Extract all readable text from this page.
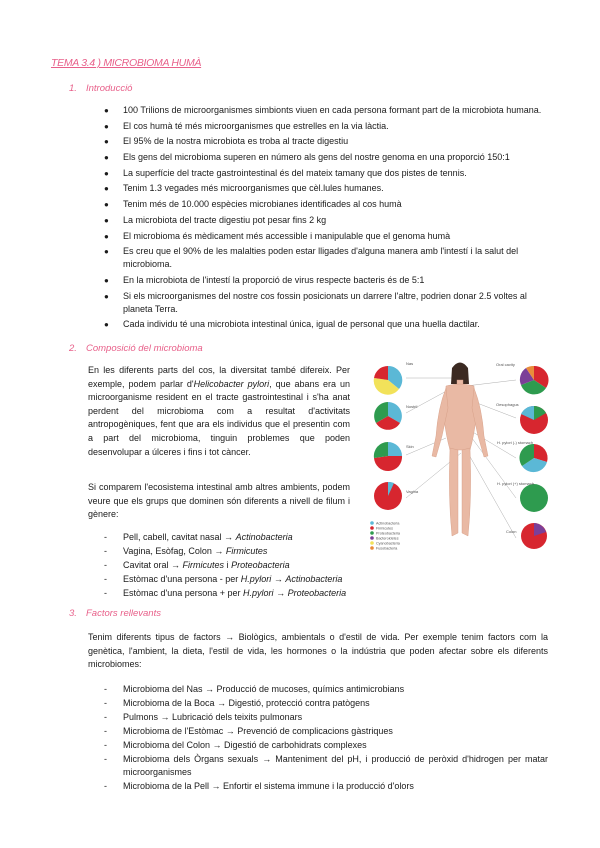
TEMA 3.4 ) MICROBIOMA HUMÀ
1. Introducció
● 100 Trilions de microorganismes simbionts viuen en cada persona formant part de la microbiota humana.
● El cos humà té més microorganismes que estrelles en la via làctia.
● El 95% de la nostra microbiota es troba al tracte digestiu
● Els gens del microbioma superen en número als gens del nostre genoma en una proporció 150:1
● La superfície del tracte gastrointestinal és del mateix tamany que dos pistes de tennis.
● Tenim 1.3 vegades més microorganismes que cèl.lules humanes.
● Tenim més de 10.000 espècies microbianes identificades al cos humà
● La microbiota del tracte digestiu pot pesar fins 2 kg
● El microbioma és mèdicament més accessible i manipulable que el genoma humà
● Es creu que el 90% de les malalties poden estar lligades d'alguna manera amb l'intestí i la salut del microbioma.
● En la microbiota de l'intestí la proporció de virus respecte bacteris és de 5:1
● Si els microorganismes del nostre cos fossin posicionats un darrere l'altre, podrien donar 2.5 voltes al planeta Terra.
● Cada individu té una microbiota intestinal única, igual de personal que una huella dactilar.
2. Composició del microbioma

En les diferents parts del cos, la diversitat també difereix. Per exemple, podem parlar d'Helicobacter pylori, que abans era un microorganisme resident en el tracte gastrointestinal i s'ha anat perdent del microbioma com a resultat d'activitats antropogèniques, fent que ara els individus que el presentin com a part del microbioma, tinguin problemes que poden desenvolupar a úlceres i fins i tot càncer.

Si comparem l'ecosistema intestinal amb altres ambients, podem veure que els grups que dominen són diferents a nivell de filum i gènere:

- Pell, cabell, cavitat nasal → Actinobacteria
- Vagina, Esòfag, Colon → Firmicutes
- Cavitat oral → Firmicutes i Proteobacteria
- Estòmac d'una persona - per H.pylori → Actinobacteria
- Estòmac d'una persona + per H.pylori → Proteobacteria
Nas
Nostril
Skin
Vagina
Oral cavity
Oesophagus
H. pylori (-) stomach
H. pylori (+) stomach
Colon
Actinobacteria
Firmicutes
Proteobacteria
Bacteroidetes
Cyanobacteria
Fusobacteria
3. Factors rellevants

Tenim diferents tipus de factors → Biològics, ambientals o d'estil de vida. Per exemple tenim factors com la genètica, l'ambient, la dieta, l'estil de vida, les hormones o la indústria que poden afectar sobre els diferents microbiomes:

- Microbioma del Nas → Producció de mucoses, químics antimicrobians
- Microbioma de la Boca → Digestió, protecció contra patògens
- Pulmons → Lubricació dels teixits pulmonars
- Microbioma de l'Estòmac → Prevenció de complicacions gàstriques
- Microbioma del Colon → Digestió de carbohidrats complexes
- Microbioma dels Òrgans sexuals → Manteniment del pH, i producció de peròxid d'hidrogen per matar microorganismes
- Microbioma de la Pell → Enfortir el sistema immune i la producció d'olors
